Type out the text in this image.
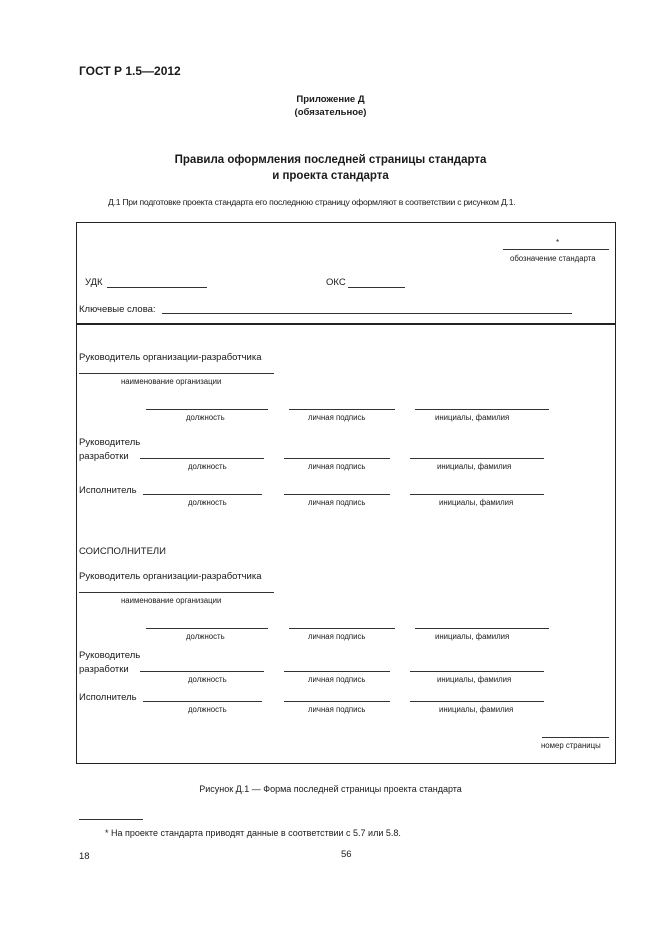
ГОСТ Р 1.5—2012
Приложение Д
(обязательное)
Правила оформления последней страницы стандарта
и проекта стандарта
Д.1 При подготовке проекта стандарта его последнюю страницу оформляют в соответствии с рисунком Д.1.
*
обозначение стандарта
УДК	ОКС
Ключевые слова:
Руководитель организации-разработчика
наименование организации
должность	личная подпись	инициалы, фамилия
Руководитель
разработки
должность	личная подпись	инициалы, фамилия
Исполнитель
должность	личная подпись	инициалы, фамилия
СОИСПОЛНИТЕЛИ
Руководитель организации-разработчика
наименование организации
должность	личная подпись	инициалы, фамилия
Руководитель
разработки
должность	личная подпись	инициалы, фамилия
Исполнитель
должность	личная подпись	инициалы, фамилия
номер страницы
Рисунок Д.1 — Форма последней страницы проекта стандарта
* На проекте стандарта приводят данные в соответствии с 5.7 или 5.8.
18	56
